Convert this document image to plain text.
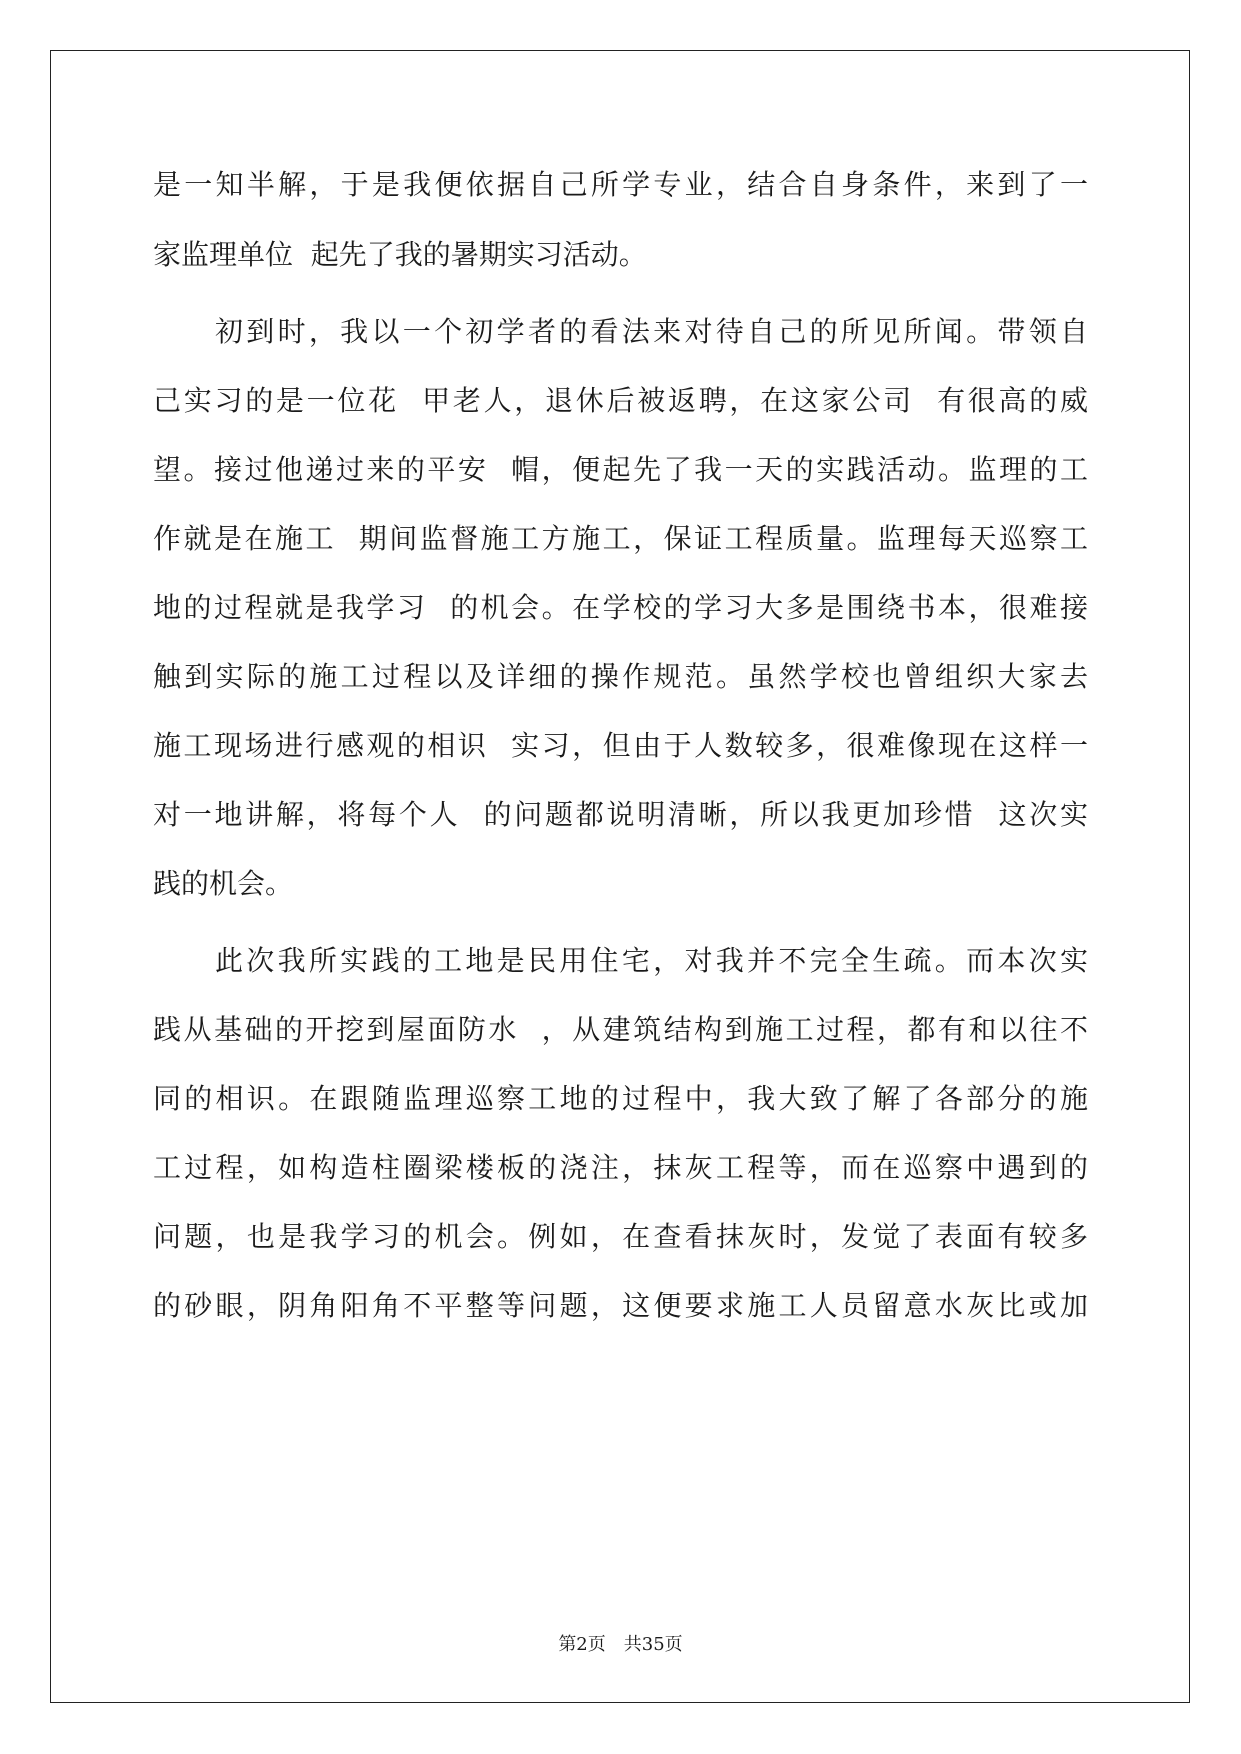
是一知半解，于是我便依据自己所学专业，结合自身条件，来到了一
家监理单位  起先了我的暑期实习活动。
初到时，我以一个初学者的看法来对待自己的所见所闻。带领自
己实习的是一位花  甲老人，退休后被返聘，在这家公司  有很高的威
望。接过他递过来的平安  帽，便起先了我一天的实践活动。监理的工
作就是在施工  期间监督施工方施工，保证工程质量。监理每天巡察工
地的过程就是我学习  的机会。在学校的学习大多是围绕书本，很难接
触到实际的施工过程以及详细的操作规范。虽然学校也曾组织大家去
施工现场进行感观的相识  实习，但由于人数较多，很难像现在这样一
对一地讲解，将每个人  的问题都说明清晰，所以我更加珍惜  这次实
践的机会。
此次我所实践的工地是民用住宅，对我并不完全生疏。而本次实
践从基础的开挖到屋面防水  ，从建筑结构到施工过程，都有和以往不
同的相识。在跟随监理巡察工地的过程中，我大致了解了各部分的施
工过程，如构造柱圈梁楼板的浇注，抹灰工程等，而在巡察中遇到的
问题，也是我学习的机会。例如，在查看抹灰时，发觉了表面有较多
的砂眼，阴角阳角不平整等问题，这便要求施工人员留意水灰比或加
第2页 共35页
